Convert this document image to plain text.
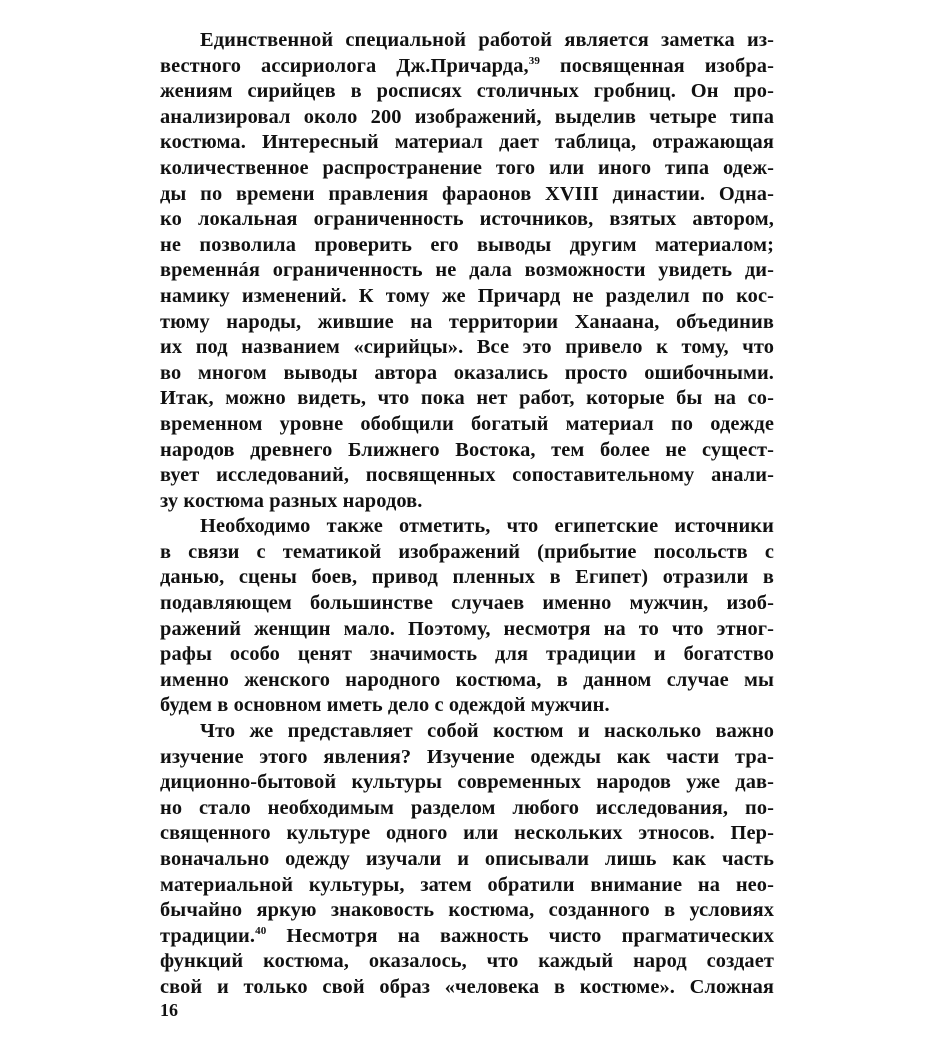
Единственной специальной работой является заметка из-
вестного ассириолога Дж.Причарда,$^{39}$ посвященная изобра-
жениям сирийцев в росписях столичных гробниц. Он про-
анализировал около 200 изображений, выделив четыре типа
костюма. Интересный материал дает таблица, отражающая
количественное распространение того или иного типа одеж-
ды по времени правления фараонов XVIII династии. Одна-
ко локальная ограниченность источников, взятых автором,
не позволила проверить его выводы другим материалом;
временнáя ограниченность не дала возможности увидеть ди-
намику изменений. К тому же Причард не разделил по кос-
тюму народы, жившие на территории Ханаана, объединив
их под названием «сирийцы». Все это привело к тому, что
во многом выводы автора оказались просто ошибочными.
Итак, можно видеть, что пока нет работ, которые бы на со-
временном уровне обобщили богатый материал по одежде
народов древнего Ближнего Востока, тем более не сущест-
вует исследований, посвященных сопоставительному анали-
зу костюма разных народов.

Необходимо также отметить, что египетские источники
в связи с тематикой изображений (прибытие посольств с
данью, сцены боев, привод пленных в Египет) отразили в
подавляющем большинстве случаев именно мужчин, изоб-
ражений женщин мало. Поэтому, несмотря на то что этног-
рафы особо ценят значимость для традиции и богатство
именно женского народного костюма, в данном случае мы
будем в основном иметь дело с одеждой мужчин.

Что же представляет собой костюм и насколько важно
изучение этого явления? Изучение одежды как части тра-
диционно-бытовой культуры современных народов уже дав-
но стало необходимым разделом любого исследования, по-
священного культуре одного или нескольких этносов. Пер-
воначально одежду изучали и описывали лишь как часть
материальной культуры, затем обратили внимание на нео-
бычайно яркую знаковость костюма, созданного в условиях
традиции.$^{40}$ Несмотря на важность чисто прагматических
функций костюма, оказалось, что каждый народ создает
свой и только свой образ «человека в костюме». Сложная

16
